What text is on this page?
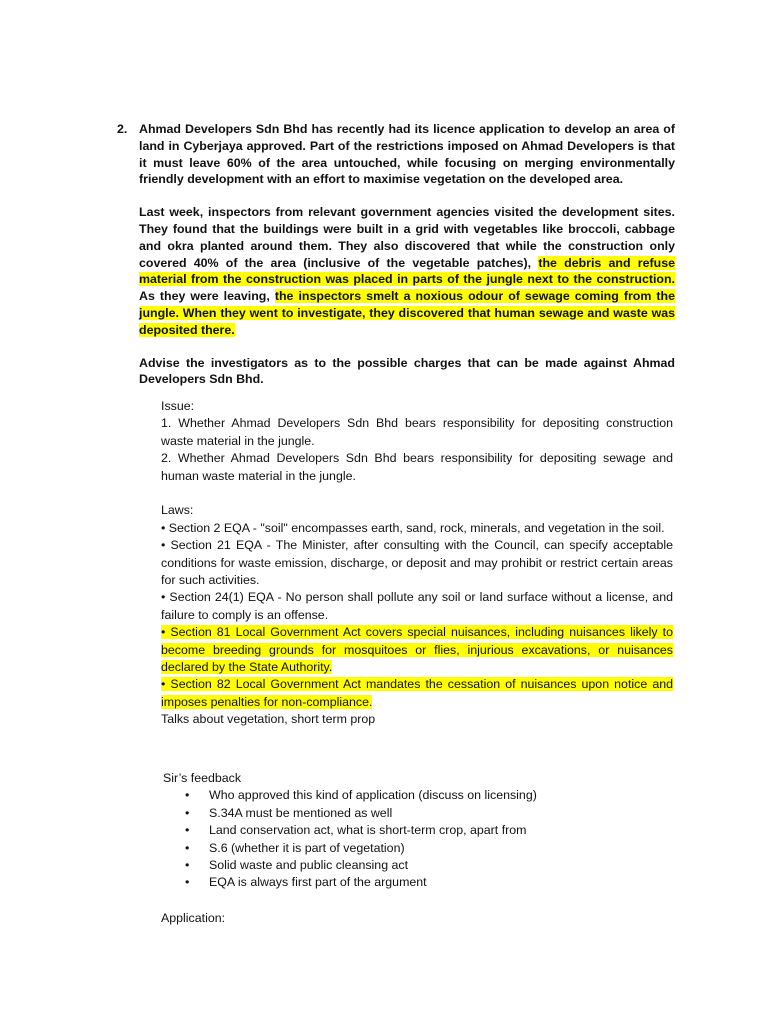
2. Ahmad Developers Sdn Bhd has recently had its licence application to develop an area of land in Cyberjaya approved. Part of the restrictions imposed on Ahmad Developers is that it must leave 60% of the area untouched, while focusing on merging environmentally friendly development with an effort to maximise vegetation on the developed area.
Last week, inspectors from relevant government agencies visited the development sites. They found that the buildings were built in a grid with vegetables like broccoli, cabbage and okra planted around them. They also discovered that while the construction only covered 40% of the area (inclusive of the vegetable patches), the debris and refuse material from the construction was placed in parts of the jungle next to the construction. As they were leaving, the inspectors smelt a noxious odour of sewage coming from the jungle. When they went to investigate, they discovered that human sewage and waste was deposited there.
Advise the investigators as to the possible charges that can be made against Ahmad Developers Sdn Bhd.

Issue:

1. Whether Ahmad Developers Sdn Bhd bears responsibility for depositing construction waste material in the jungle.

2. Whether Ahmad Developers Sdn Bhd bears responsibility for depositing sewage and human waste material in the jungle.

Laws:

• Section 2 EQA - "soil" encompasses earth, sand, rock, minerals, and vegetation in the soil.

• Section 21 EQA - The Minister, after consulting with the Council, can specify acceptable conditions for waste emission, discharge, or deposit and may prohibit or restrict certain areas for such activities.

• Section 24(1) EQA - No person shall pollute any soil or land surface without a license, and failure to comply is an offense.

• Section 81 Local Government Act covers special nuisances, including nuisances likely to become breeding grounds for mosquitoes or flies, injurious excavations, or nuisances declared by the State Authority.

• Section 82 Local Government Act mandates the cessation of nuisances upon notice and imposes penalties for non-compliance.

Talks about vegetation, short term prop

Sir’s feedback
• Who approved this kind of application (discuss on licensing)
• S.34A must be mentioned as well
• Land conservation act, what is short-term crop, apart from
• S.6 (whether it is part of vegetation)
• Solid waste and public cleansing act
• EQA is always first part of the argument
Application:
